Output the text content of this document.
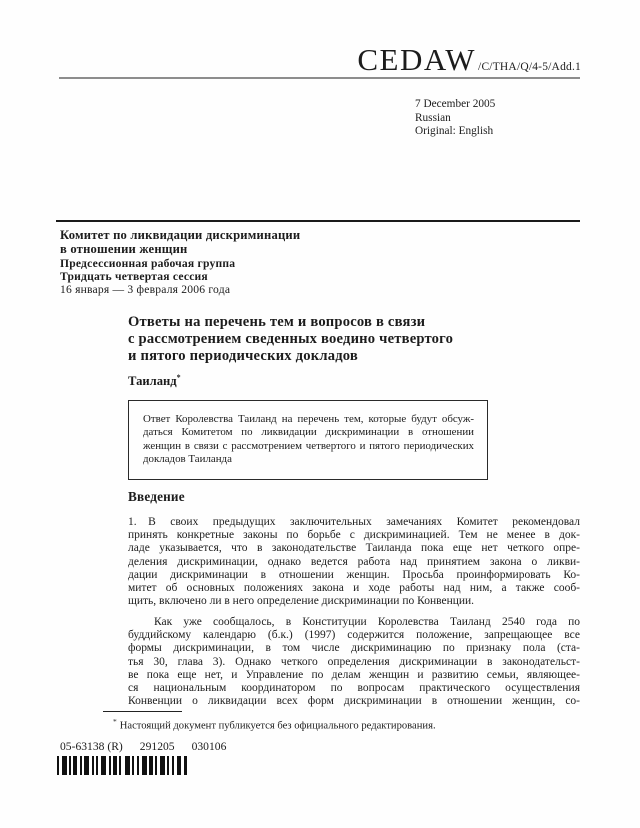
CEDAW /C/THA/Q/4-5/Add.1
7 December 2005
Russian
Original: English
Комитет по ликвидации дискриминации
в отношении женщин
Предсессионная рабочая группа
Тридцать четвертая сессия
16 января — 3 февраля 2006 года
Ответы на перечень тем и вопросов в связи
с рассмотрением сведенных воедино четвертого
и пятого периодических докладов
Таиланд*
Ответ Королевства Таиланд на перечень тем, которые будут обсуж-
даться Комитетом по ликвидации дискриминации в отношении
женщин в связи с рассмотрением четвертого и пятого периодических
докладов Таиланда
Введение
1. В своих предыдущих заключительных замечаниях Комитет рекомендовал
принять конкретные законы по борьбе с дискриминацией. Тем не менее в док-
ладе указывается, что в законодательстве Таиланда пока еще нет четкого опре-
деления дискриминации, однако ведется работа над принятием закона о ликви-
дации дискриминации в отношении женщин. Просьба проинформировать Ко-
митет об основных положениях закона и ходе работы над ним, а также сооб-
щить, включено ли в него определение дискриминации по Конвенции.
Как уже сообщалось, в Конституции Королевства Таиланд 2540 года по
буддийскому календарю (б.к.) (1997) содержится положение, запрещающее все
формы дискриминации, в том числе дискриминацию по признаку пола (ста-
тья 30, глава 3). Однако четкого определения дискриминации в законодательст-
ве пока еще нет, и Управление по делам женщин и развитию семьи, являющее-
ся национальным координатором по вопросам практического осуществления
Конвенции о ликвидации всех форм дискриминации в отношении женщин, со-
* Настоящий документ публикуется без официального редактирования.
05-63138 (R) 291205 030106
